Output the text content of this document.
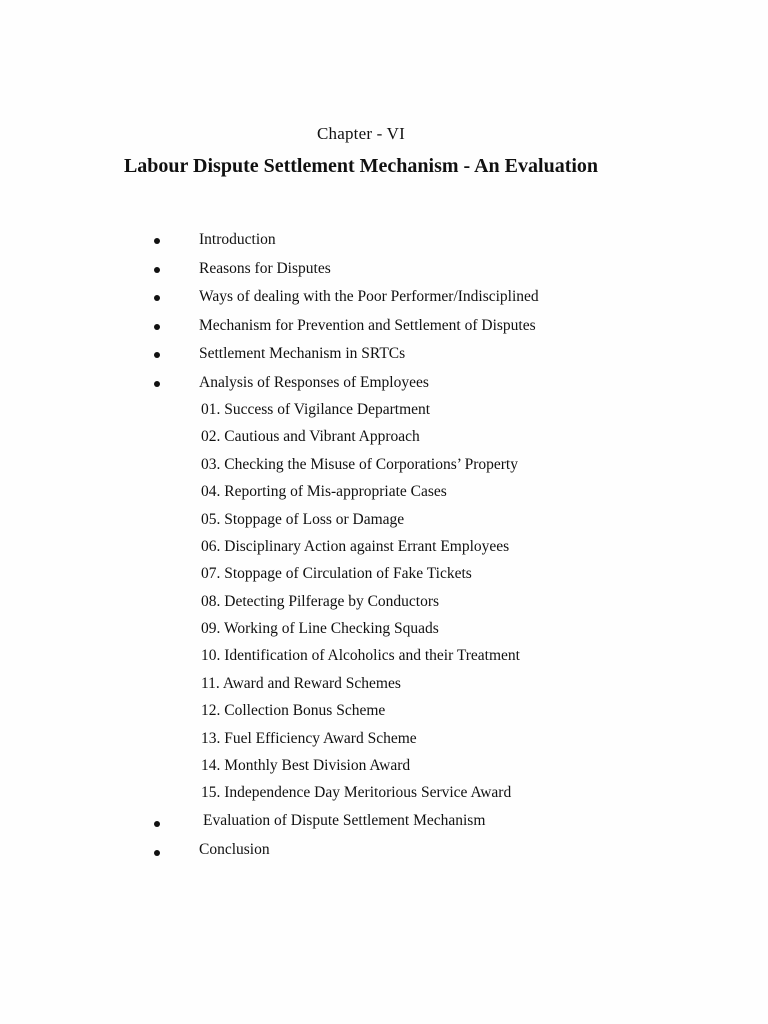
Chapter - VI
Labour Dispute Settlement Mechanism - An Evaluation
Introduction
Reasons for Disputes
Ways of dealing with the Poor Performer/Indisciplined
Mechanism for Prevention and Settlement of Disputes
Settlement Mechanism in SRTCs
Analysis of Responses of Employees
01. Success of Vigilance Department
02. Cautious and Vibrant Approach
03. Checking the Misuse of Corporations’ Property
04. Reporting of Mis-appropriate Cases
05. Stoppage of Loss or Damage
06. Disciplinary Action against Errant Employees
07. Stoppage of Circulation of Fake Tickets
08. Detecting Pilferage by Conductors
09. Working of Line Checking Squads
10. Identification of Alcoholics and their Treatment
11. Award and Reward Schemes
12. Collection Bonus Scheme
13. Fuel Efficiency Award Scheme
14. Monthly Best Division Award
15. Independence Day Meritorious Service Award
Evaluation of Dispute Settlement Mechanism
Conclusion
